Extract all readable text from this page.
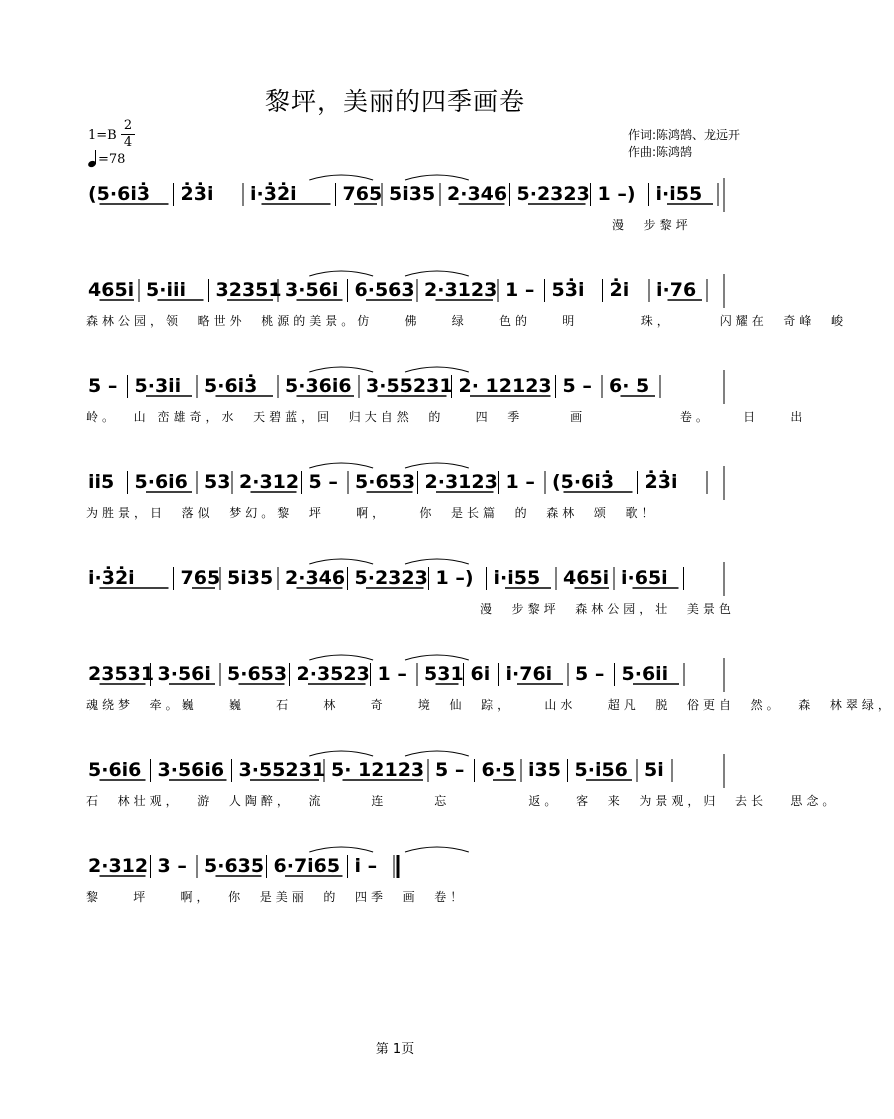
黎坪，美丽的四季画卷
1=B
2
4
=78
作词:陈鸿鹄、龙远开
作曲:陈鸿鹄
(5·6i3̇ 2̇3̇i i·3̇2̇i 765 5i35 2·346 5·2323 1 –) i·i55
漫  步黎坪
465i 5·iii 32351 3·56i 6·563 2·3123 1 – 53̇i 2̇i i·76
森林公园，领  略世外  桃源的美景。仿    佛    绿    色的    明        珠，      闪耀在  奇峰  峻
5 – 5·3ii 5·6i3̇ 5·36i6 3·55231 2· 12123 5 – 6· 5
岭。  山 峦雄奇，水  天碧蓝，回  归大自然  的    四  季      画            卷。    日    出
ii5 5·6i6 53 2·312 5 – 5·653 2·3123 1 – (5·6i3̇ 2̇3̇i
为胜景，日  落似  梦幻。黎  坪    啊，    你  是长篇  的  森林  颂  歌！
i·3̇2̇i 765 5i35 2·346 5·2323 1 –) i·i55 465i i·65i
漫  步黎坪  森林公园，壮  美景色
23531 3·56i 5·653 2·3523 1 – 531 6i i·76i 5 – 5·6ii
魂绕梦  牵。巍    巍    石    林    奇    境  仙  踪，    山水    超凡  脱  俗更自  然。  森  林翠绿，
5·6i6 3·56i6 3·55231 5· 12123 5 – 6·5 i35 5·i56 5i
石  林壮观，  游  人陶醉，  流      连      忘          返。  客  来  为景观，归  去长   思念。
2·312 3 – 5·635 6·7i65 i –
黎    坪    啊，  你  是美丽  的  四季  画  卷！
第 1页
